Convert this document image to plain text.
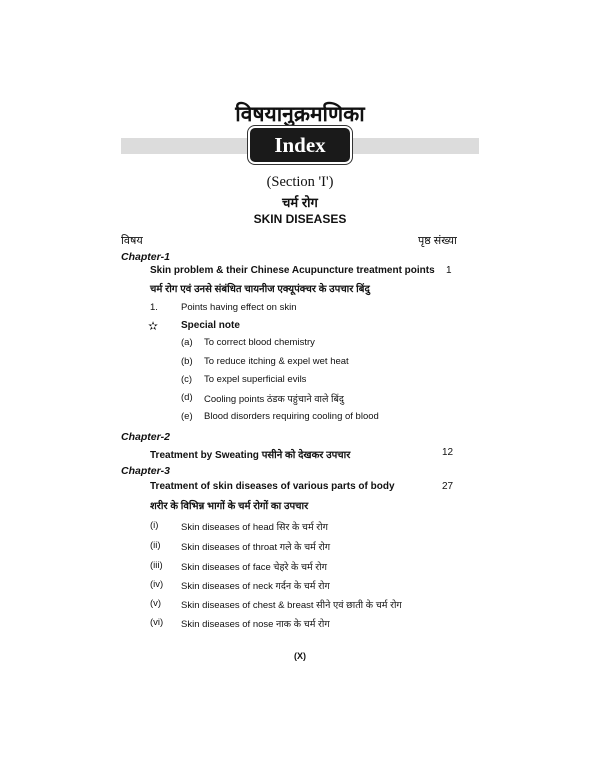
विषयानुक्रमणिका
Index
(Section 'I')
चर्म रोग
SKIN DISEASES
विषय	पृष्ठ संख्या
Chapter-1
Skin problem & their Chinese Acupuncture treatment points 1
चर्म रोग एवं उनसे संबंधित चायनीज एक्यूपंक्चर के उपचार बिंदु
1. Points having effect on skin
✫ Special note
(a) To correct blood chemistry
(b) To reduce itching & expel wet heat
(c) To expel superficial evils
(d) Cooling points ठंडक पहुंचाने वाले बिंदु
(e) Blood disorders requiring cooling of blood
Chapter-2
Treatment by Sweating पसीने को देखकर उपचार	12
Chapter-3
Treatment of skin diseases of various parts of body	27
शरीर के विभिन्न भागों के चर्म रोगों का उपचार
(i) Skin diseases of head सिर के चर्म रोग
(ii) Skin diseases of throat गले के चर्म रोग
(iii) Skin diseases of face चेहरे के चर्म रोग
(iv) Skin diseases of neck गर्दन के चर्म रोग
(v) Skin diseases of chest & breast सीने एवं छाती के चर्म रोग
(vi) Skin diseases of nose नाक के चर्म रोग
(X)
